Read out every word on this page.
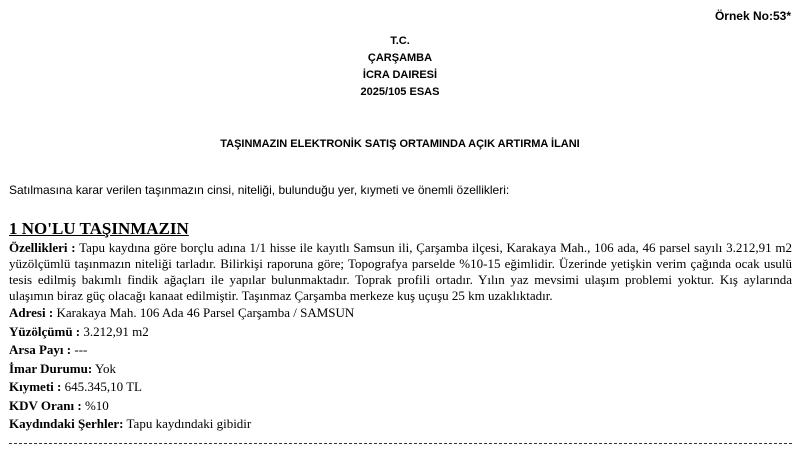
Örnek No:53*
T.C.
ÇARŞAMBA
İCRA DAIRESİ
2025/105 ESAS
TAŞINMAZIN ELEKTRONİK SATIŞ ORTAMINDA AÇIK ARTIRMA İLANI
Satılmasına karar verilen taşınmazın cinsi, niteliği, bulunduğu yer, kıymeti ve önemli özellikleri:
1 NO'LU TAŞINMAZIN

Özellikleri : Tapu kaydına göre borçlu adına 1/1 hisse ile kayıtlı Samsun ili, Çarşamba ilçesi, Karakaya Mah., 106 ada, 46 parsel sayılı 3.212,91 m2 yüzölçümlü taşınmazın niteliği tarladır. Bilirkişi raporuna göre; Topografya parselde %10-15 eğimlidir. Üzerinde yetişkin verim çağında ocak usulü tesis edilmiş bakımlı findik ağaçları ile yapılar bulunmaktadır. Toprak profili ortadır. Yılın yaz mevsimi ulaşım problemi yoktur. Kış aylarında ulaşımın biraz güç olacağı kanaat edilmiştir. Taşınmaz Çarşamba merkeze kuş uçuşu 25 km uzaklıktadır.

Adresi : Karakaya Mah. 106 Ada 46 Parsel Çarşamba / SAMSUN
Yüzölçümü : 3.212,91 m2
Arsa Payı : ---
İmar Durumu: Yok
Kıymeti : 645.345,10 TL
KDV Oranı : %10
Kaydındaki Şerhler: Tapu kaydındaki gibidir
